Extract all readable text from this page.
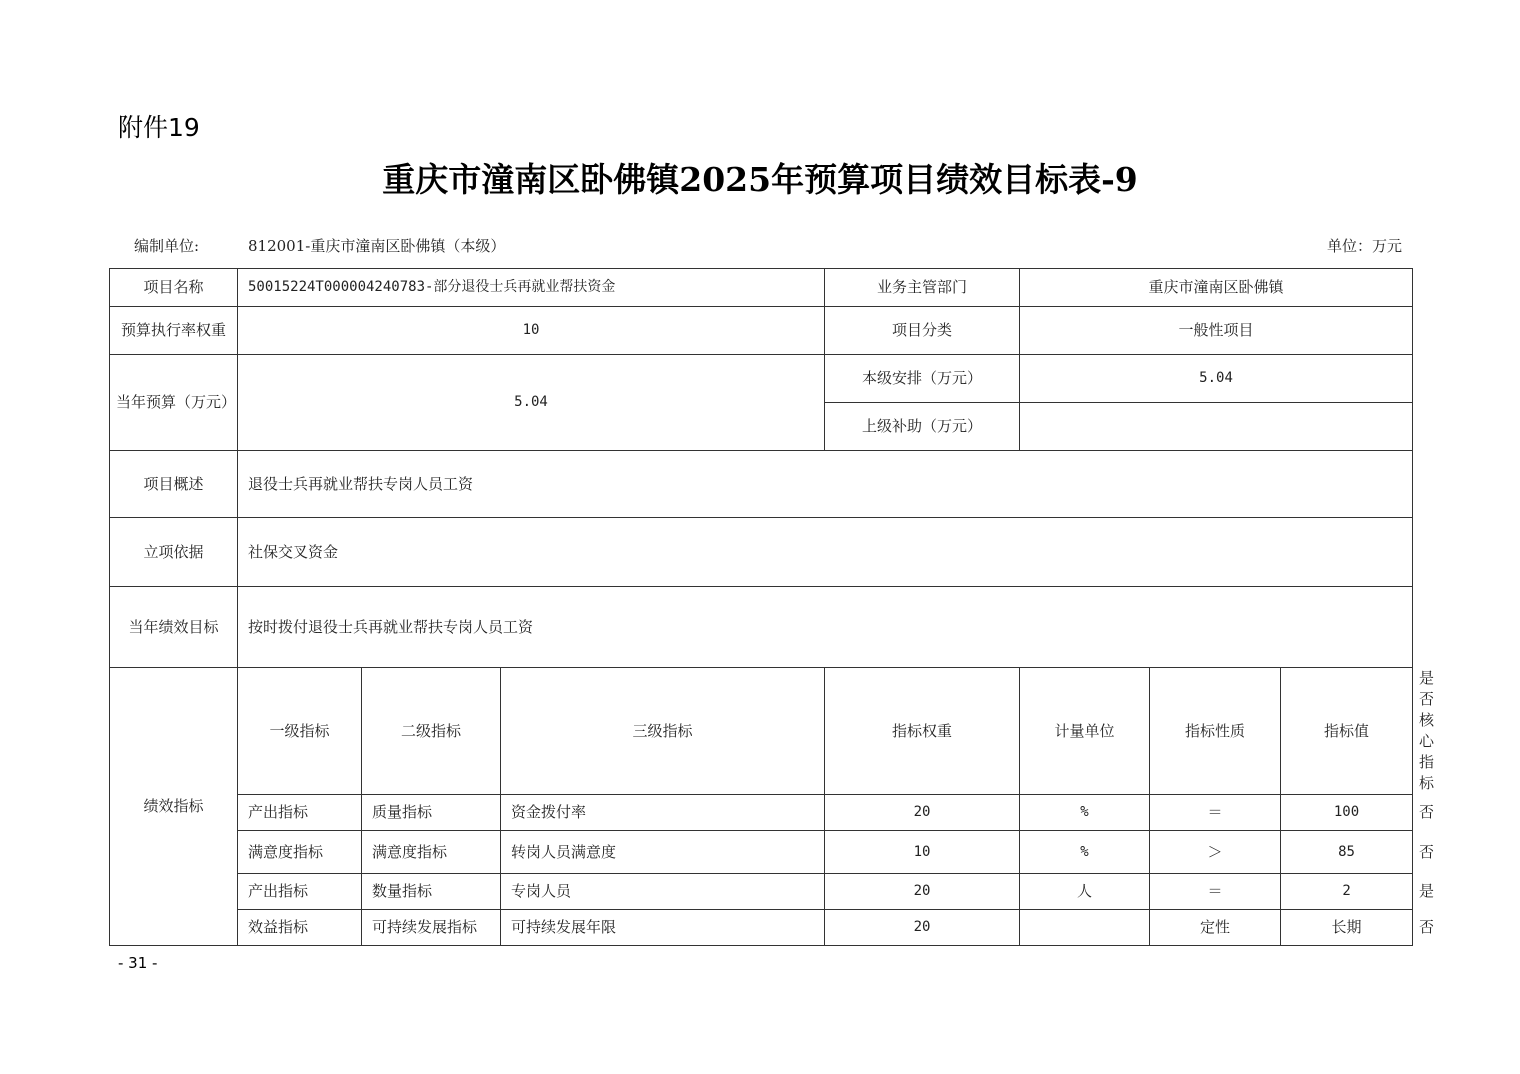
附件19
重庆市潼南区卧佛镇2025年预算项目绩效目标表-9
编制单位:	812001-重庆市潼南区卧佛镇（本级）	单位：万元
项目名称	50015224T000004240783-部分退役士兵再就业帮扶资金			业务主管部门	重庆市潼南区卧佛镇			
预算执行率权重	10			项目分类	一般性项目			
当年预算（万元）	5.04			本级安排（万元）	5.04			
				上级补助（万元）				
项目概述	退役士兵再就业帮扶专岗人员工资							
立项依据	社保交叉资金							
当年绩效目标	按时拨付退役士兵再就业帮扶专岗人员工资							
绩效指标	一级指标	二级指标	三级指标	指标权重	计量单位	指标性质	指标值	是否核心指标
	产出指标	质量指标	资金拨付率	20	%	＝	100	否
	满意度指标	满意度指标	转岗人员满意度	10	%	＞	85	否
	产出指标	数量指标	专岗人员	20	人	＝	2	是
	效益指标	可持续发展指标	可持续发展年限	20		定性	长期	否
- 31 -
